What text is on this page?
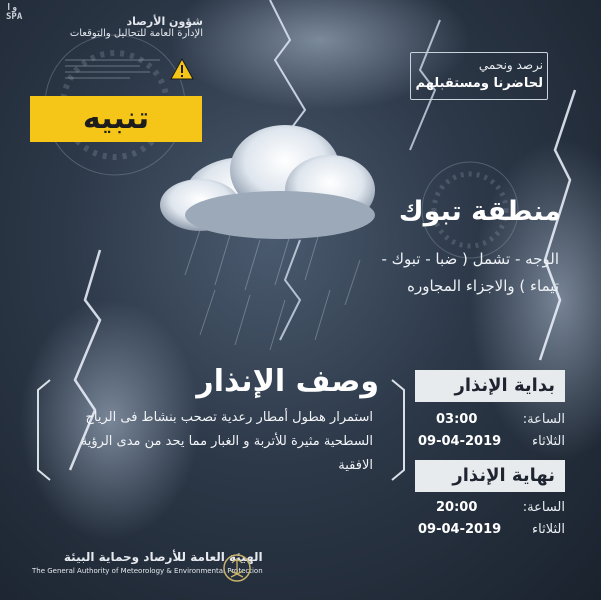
وا
SPA	شؤون الأرصاد
الإدارة العامة للتحاليل والتوقعات
تنبيه
نرصد ونحمي
لحاضرنا ومستقبلهم
منطقة تبوك
الوجه - تشمل ( ضبا - تبوك - تيماء ) والاجزاء المجاوره
وصف الإنذار
استمرار هطول أمطار رعدية تصحب بنشاط فى الرياح السطحية مثيرة للأتربة و الغبار مما يحد من مدى الرؤية الافقية
بداية الإنذار
الساعة:
03:00
الثلاثاء
09-04-2019
نهاية الإنذار
الساعة:
20:00
الثلاثاء
09-04-2019
الهيئة العامة للأرصاد وحماية البيئة
The General Authority of Meteorology & Environmental Protection
